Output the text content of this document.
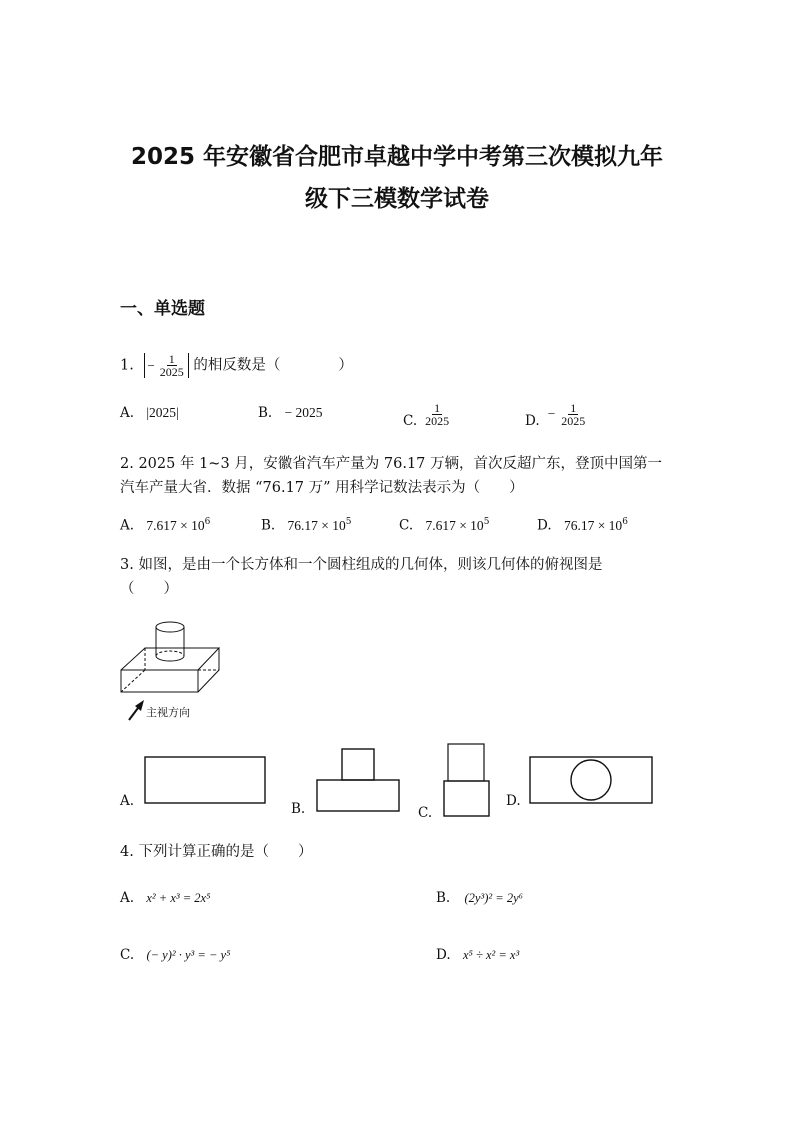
2025 年安徽省合肥市卓越中学中考第三次模拟九年
级下三模数学试卷
一、单选题
1. − $\frac{1}{2025}$ 的相反数是（　　　　）
A. |2025|	B. − 2025
C. $\frac{1}{2025}$	D. − $\frac{1}{2025}$
2. 2025 年 1~3 月，安徽省汽车产量为 76.17 万辆，首次反超广东，登顶中国第一
汽车产量大省．数据 “76.17 万” 用科学记数法表示为（　　）
A. $7.617 \times 10^6$	B. $76.17 \times 10^5$	C. $7.617 \times 10^5$	D. $76.17 \times 10^6$
3. 如图，是由一个长方体和一个圆柱组成的几何体，则该几何体的俯视图是
（　　）
主视方向
A.	B.	C.
D.
4. 下列计算正确的是（　　）
A. x² + x³ = 2x⁵	B. (2y³)² = 2y⁶
C. (− y)² · y³ = − y⁵	D. x⁵ ÷ x² = x³
